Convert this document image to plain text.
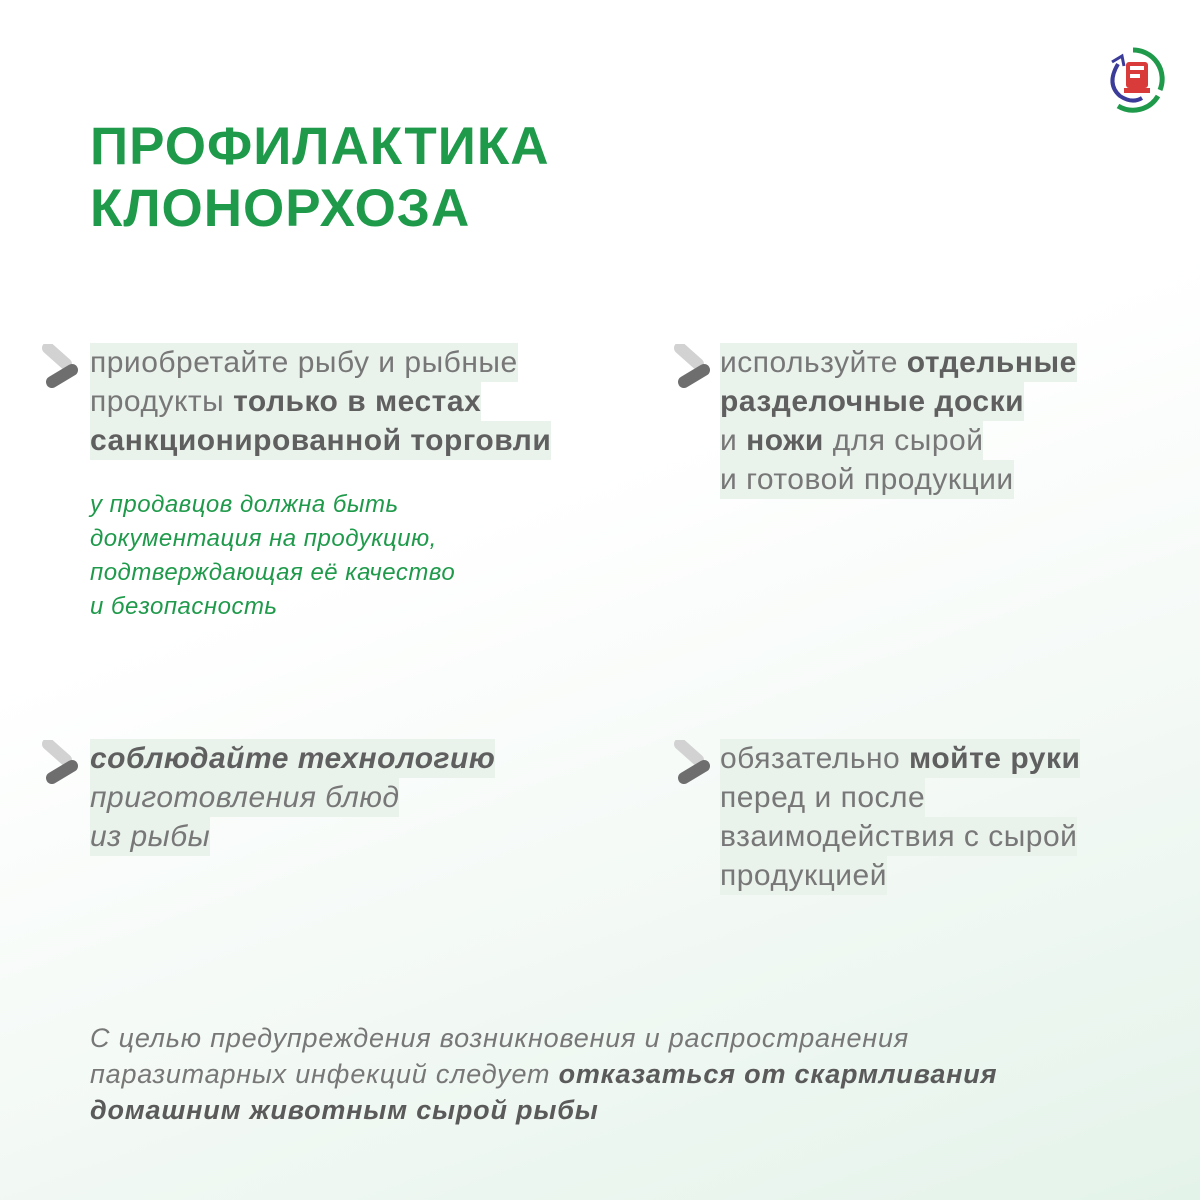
ПРОФИЛАКТИКА
КЛОНОРХОЗА
приобретайте рыбу и рыбные
продукты только в местах
санкционированной торговли
у продавцов должна быть
документация на продукцию,
подтверждающая её качество
и безопасность
используйте отдельные
разделочные доски
и ножи для сырой
и готовой продукции
соблюдайте технологию
приготовления блюд
из рыбы
обязательно мойте руки
перед и после
взаимодействия с сырой
продукцией
С целью предупреждения возникновения и распространения
паразитарных инфекций следует отказаться от скармливания
домашним животным сырой рыбы
